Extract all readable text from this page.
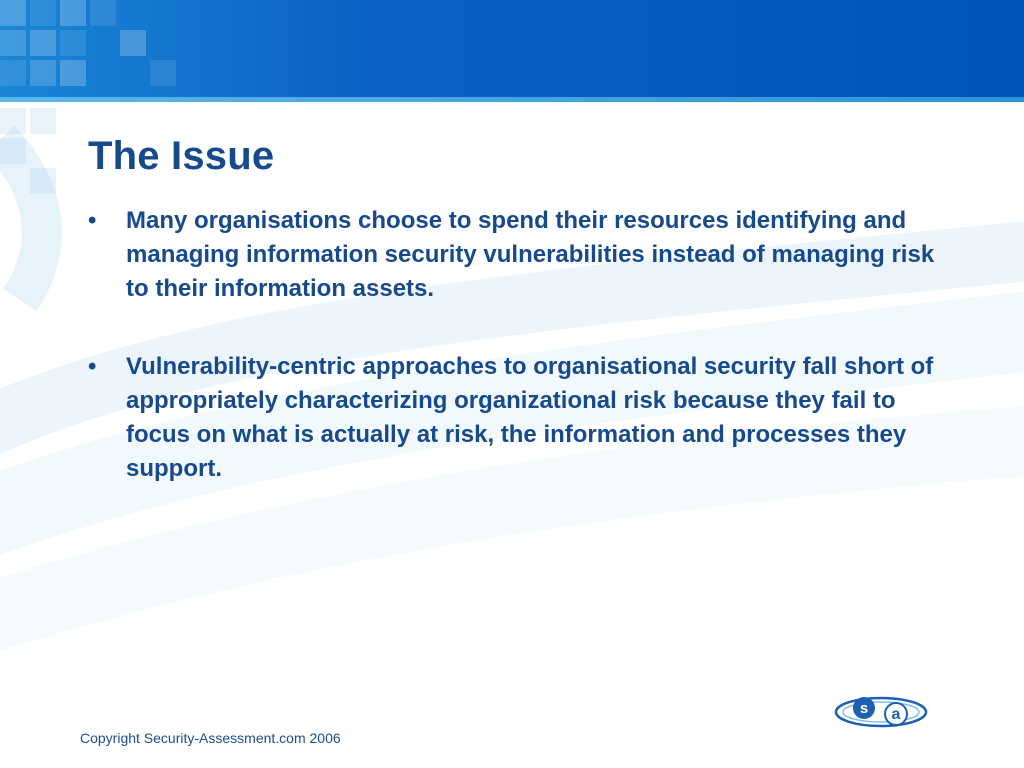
The Issue
•	Many organisations choose to spend their resources identifying and managing information security vulnerabilities instead of managing risk to their information assets.
•	Vulnerability-centric approaches to organisational security fall short of appropriately characterizing organizational risk because they fail to focus on what is actually at risk, the information and processes they support.
s a
Copyright Security-Assessment.com 2006
